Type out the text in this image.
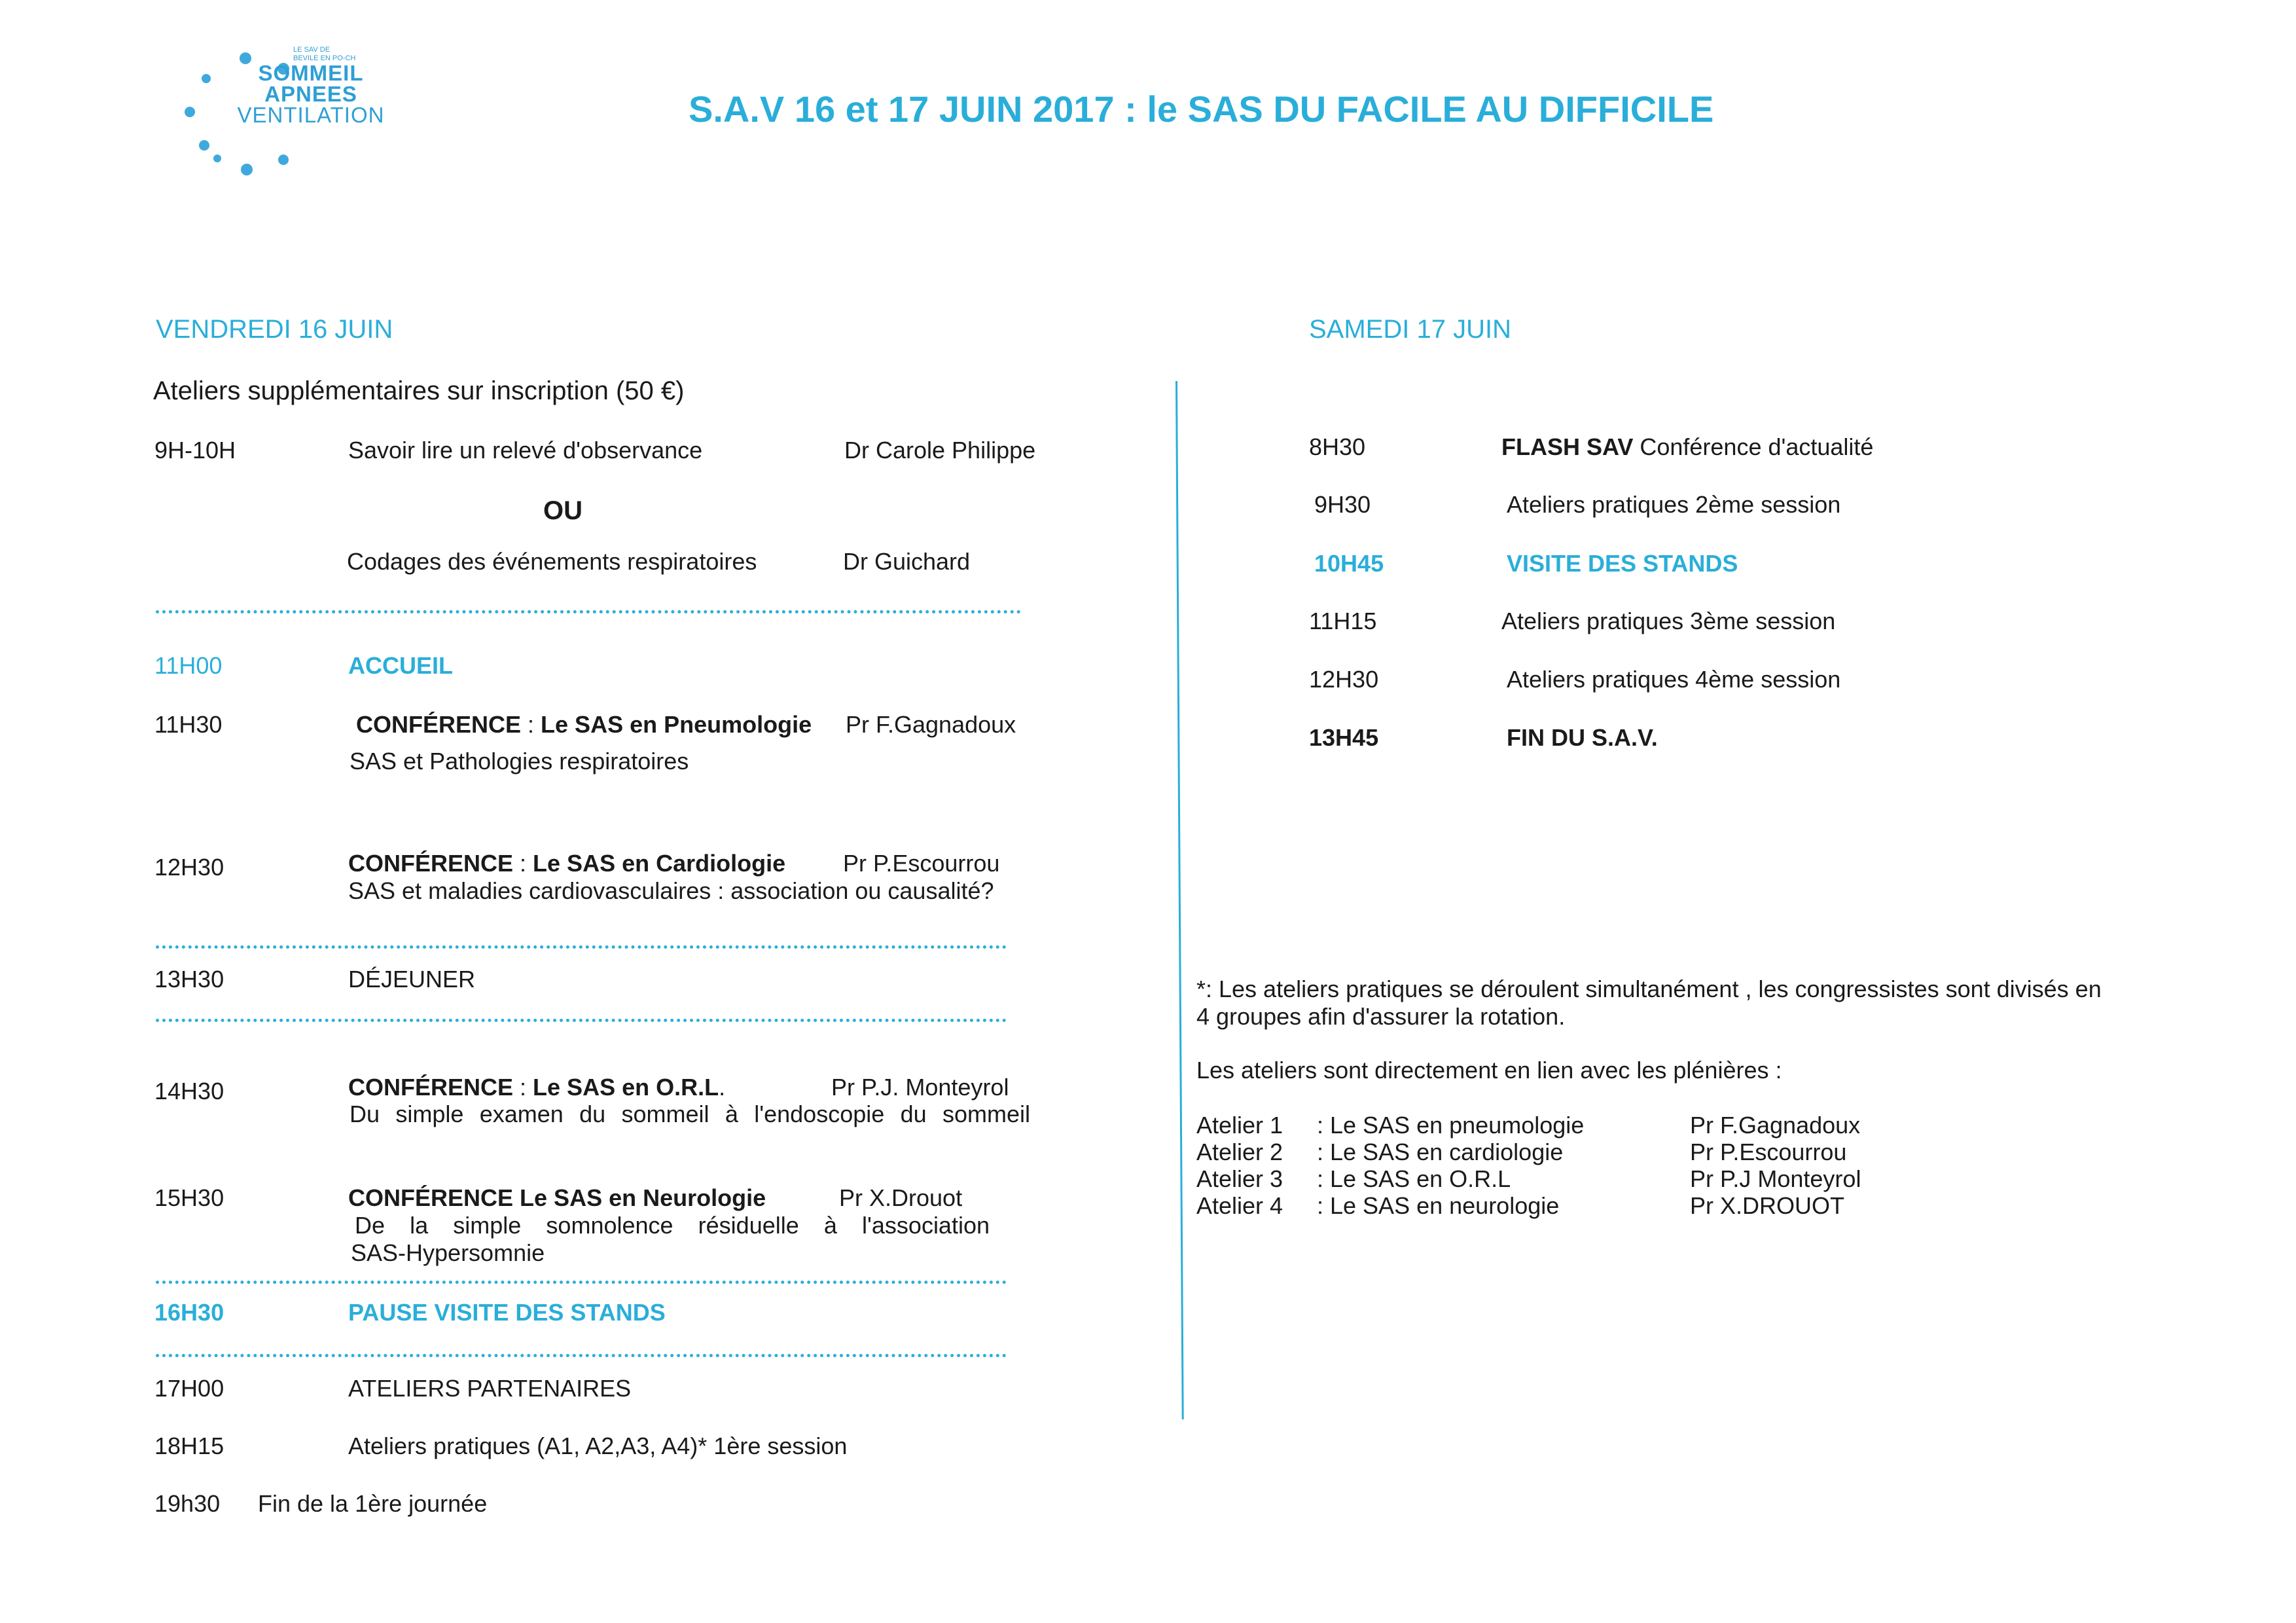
LE SAV DE
BEVILE EN PO-CH
SOMMEIL
APNEES
VENTILATION	S.A.V 16 et 17 JUIN 2017 : le SAS DU FACILE AU DIFFICILE
VENDREDI 16 JUIN
Ateliers supplémentaires sur inscription (50 €)
9H-10H	Savoir lire un relevé d'observance	Dr Carole Philippe
OU
Codages des événements respiratoires	Dr Guichard
11H00	ACCUEIL
11H30	CONFÉRENCE : Le SAS en Pneumologie Pr F.Gagnadoux
SAS et Pathologies respiratoires
12H30	CONFÉRENCE : Le SAS en Cardiologie Pr P.Escourrou
SAS et maladies cardiovasculaires : association ou causalité?
13H30	DÉJEUNER
14H30	CONFÉRENCE : Le SAS en O.R.L.	Pr P.J. Monteyrol
Du simple examen du sommeil à l'endoscopie du sommeil
15H30	CONFÉRENCE Le SAS en Neurologie	Pr X.Drouot
De la simple somnolence résiduelle à l'association
SAS-Hypersomnie
16H30	PAUSE VISITE DES STANDS
17H00	ATELIERS PARTENAIRES
18H15	Ateliers pratiques (A1, A2,A3, A4)* 1ère session
19h30 Fin de la 1ère journée
SAMEDI 17 JUIN
8H30	FLASH SAV Conférence d'actualité
9H30	Ateliers pratiques 2ème session
10H45	VISITE DES STANDS
11H15	Ateliers pratiques 3ème session
12H30	Ateliers pratiques 4ème session
13H45	FIN DU S.A.V.
*: Les ateliers pratiques se déroulent simultanément , les congressistes sont divisés en
4 groupes afin d'assurer la rotation.
Les ateliers sont directement en lien avec les plénières :
Atelier 1 : Le SAS en pneumologie	Pr F.Gagnadoux
Atelier 2 : Le SAS en cardiologie	Pr P.Escourrou
Atelier 3 : Le SAS en O.R.L	Pr P.J Monteyrol
Atelier 4 : Le SAS en neurologie	Pr X.DROUOT
